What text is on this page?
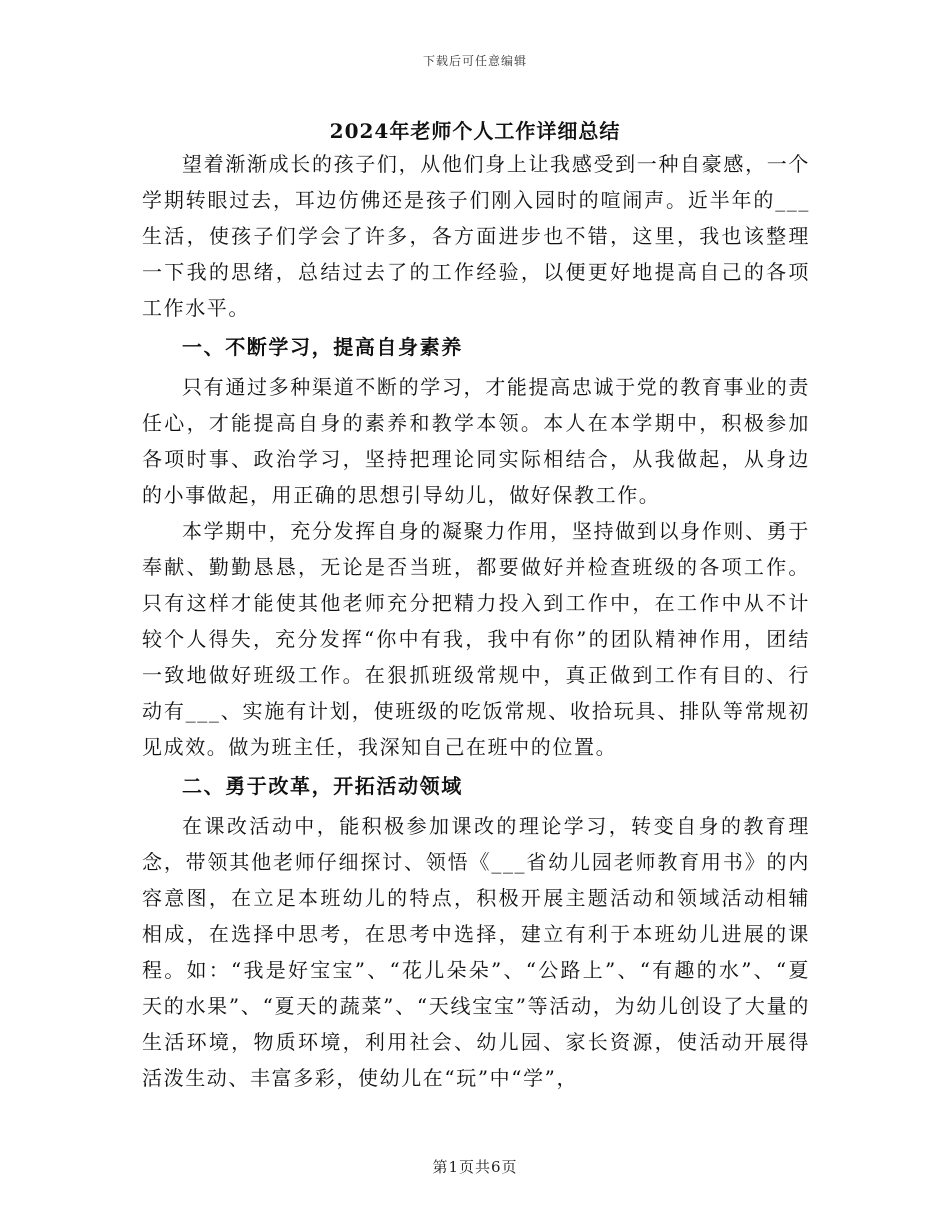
下载后可任意编辑
2024年老师个人工作详细总结

望着渐渐成长的孩子们，从他们身上让我感受到一种自豪感，一个学期转眼过去，耳边仿佛还是孩子们刚入园时的喧闹声。近半年的___生活，使孩子们学会了许多，各方面进步也不错，这里，我也该整理一下我的思绪，总结过去了的工作经验，以便更好地提高自己的各项工作水平。

一、不断学习，提高自身素养

只有通过多种渠道不断的学习，才能提高忠诚于党的教育事业的责任心，才能提高自身的素养和教学本领。本人在本学期中，积极参加各项时事、政治学习，坚持把理论同实际相结合，从我做起，从身边的小事做起，用正确的思想引导幼儿，做好保教工作。

本学期中，充分发挥自身的凝聚力作用，坚持做到以身作则、勇于奉献、勤勤恳恳，无论是否当班，都要做好并检查班级的各项工作。只有这样才能使其他老师充分把精力投入到工作中，在工作中从不计较个人得失，充分发挥“你中有我，我中有你”的团队精神作用，团结一致地做好班级工作。在狠抓班级常规中，真正做到工作有目的、行动有___、实施有计划，使班级的吃饭常规、收拾玩具、排队等常规初见成效。做为班主任，我深知自己在班中的位置。

二、勇于改革，开拓活动领域

在课改活动中，能积极参加课改的理论学习，转变自身的教育理念，带领其他老师仔细探讨、领悟《___省幼儿园老师教育用书》的内容意图，在立足本班幼儿的特点，积极开展主题活动和领域活动相辅相成，在选择中思考，在思考中选择，建立有利于本班幼儿进展的课程。如：“我是好宝宝”、“花儿朵朵”、“公路上”、“有趣的水”、“夏天的水果”、“夏天的蔬菜”、“天线宝宝”等活动，为幼儿创设了大量的生活环境，物质环境，利用社会、幼儿园、家长资源，使活动开展得活泼生动、丰富多彩，使幼儿在“玩”中“学”，

第1页共6页
